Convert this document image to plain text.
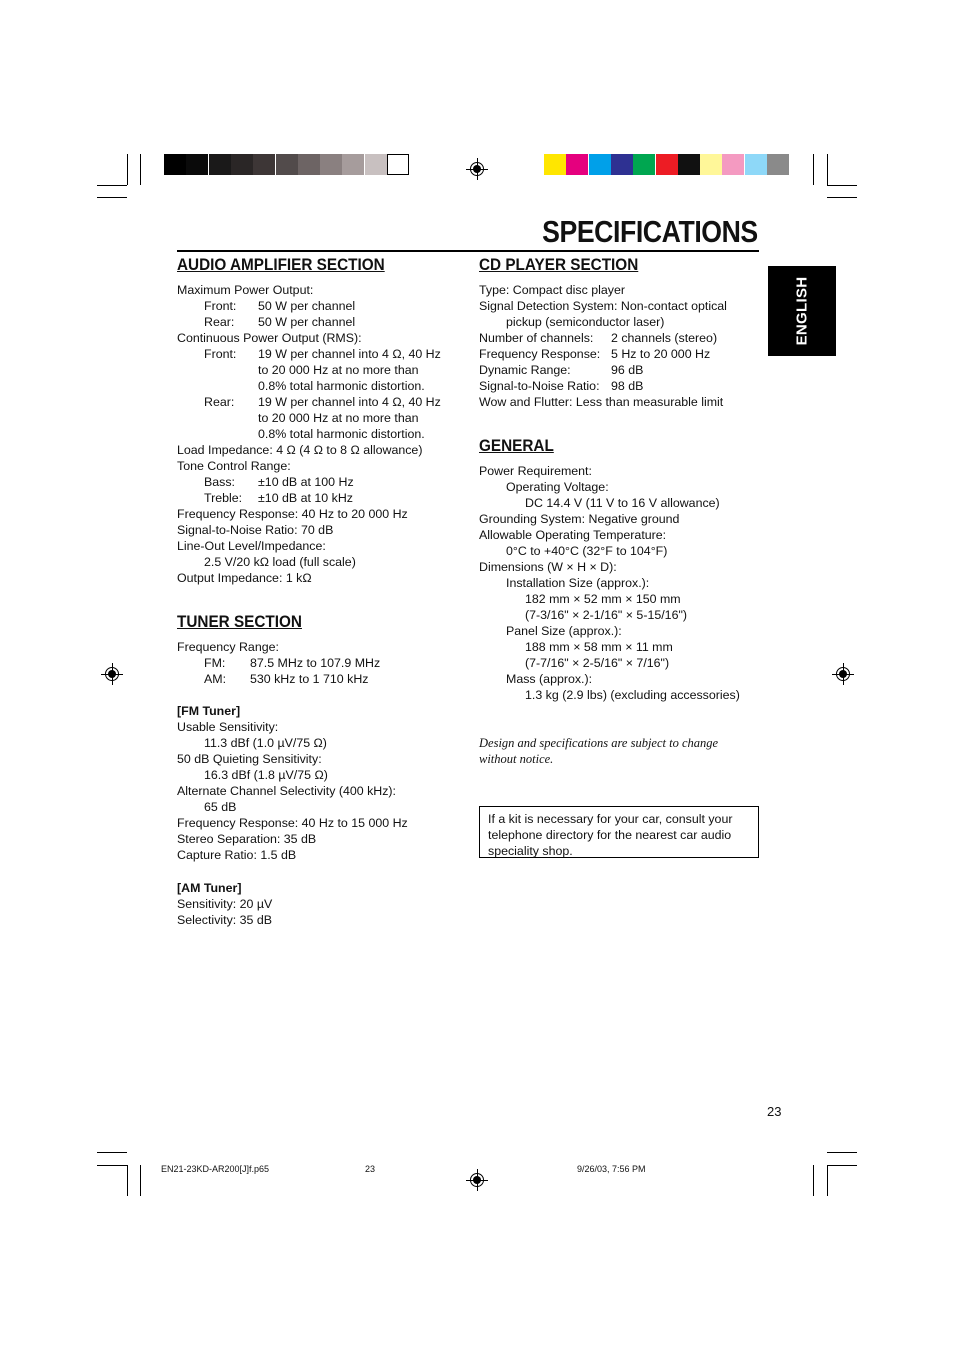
SPECIFICATIONS
ENGLISH
AUDIO AMPLIFIER SECTION
Maximum Power Output:
Front:	50 W per channel
Rear:	50 W per channel
Continuous Power Output (RMS):
Front:	19 W per channel into 4 Ω, 40 Hz
to 20 000 Hz at no more than
0.8% total harmonic distortion.
Rear:	19 W per channel into 4 Ω, 40 Hz
to 20 000 Hz at no more than
0.8% total harmonic distortion.
Load Impedance: 4 Ω (4 Ω to 8 Ω allowance)
Tone Control Range:
Bass:	±10 dB at 100 Hz
Treble:	±10 dB at 10 kHz
Frequency Response: 40 Hz to 20 000 Hz
Signal-to-Noise Ratio: 70 dB
Line-Out Level/Impedance:
2.5 V/20 kΩ load (full scale)
Output Impedance: 1 kΩ
TUNER SECTION
Frequency Range:
FM:	87.5 MHz to 107.9 MHz
AM:	530 kHz to 1 710 kHz
[FM Tuner]
Usable Sensitivity:
11.3 dBf (1.0 µV/75 Ω)
50 dB Quieting Sensitivity:
16.3 dBf (1.8 µV/75 Ω)
Alternate Channel Selectivity (400 kHz):
65 dB
Frequency Response: 40 Hz to 15 000 Hz
Stereo Separation: 35 dB
Capture Ratio: 1.5 dB
[AM Tuner]
Sensitivity: 20 µV
Selectivity: 35 dB
CD PLAYER SECTION
Type: Compact disc player
Signal Detection System: Non-contact optical
pickup (semiconductor laser)
Number of channels:	2 channels (stereo)
Frequency Response: 5 Hz to 20 000 Hz
Dynamic Range:	96 dB
Signal-to-Noise Ratio: 98 dB
Wow and Flutter: Less than measurable limit
GENERAL
Power Requirement:
Operating Voltage:
DC 14.4 V (11 V to 16 V allowance)
Grounding System: Negative ground
Allowable Operating Temperature:
0°C to +40°C (32°F to 104°F)
Dimensions (W × H × D):
Installation Size (approx.):
182 mm × 52 mm × 150 mm
(7-3/16" × 2-1/16" × 5-15/16")
Panel Size (approx.):
188 mm × 58 mm × 11 mm
(7-7/16" × 2-5/16" × 7/16")
Mass (approx.):
1.3 kg (2.9 lbs) (excluding accessories)
Design and specifications are subject to change
without notice.
If a kit is necessary for your car, consult your telephone directory for the nearest car audio speciality shop.
23
EN21-23KD-AR200[J]f.p65	23	9/26/03, 7:56 PM
